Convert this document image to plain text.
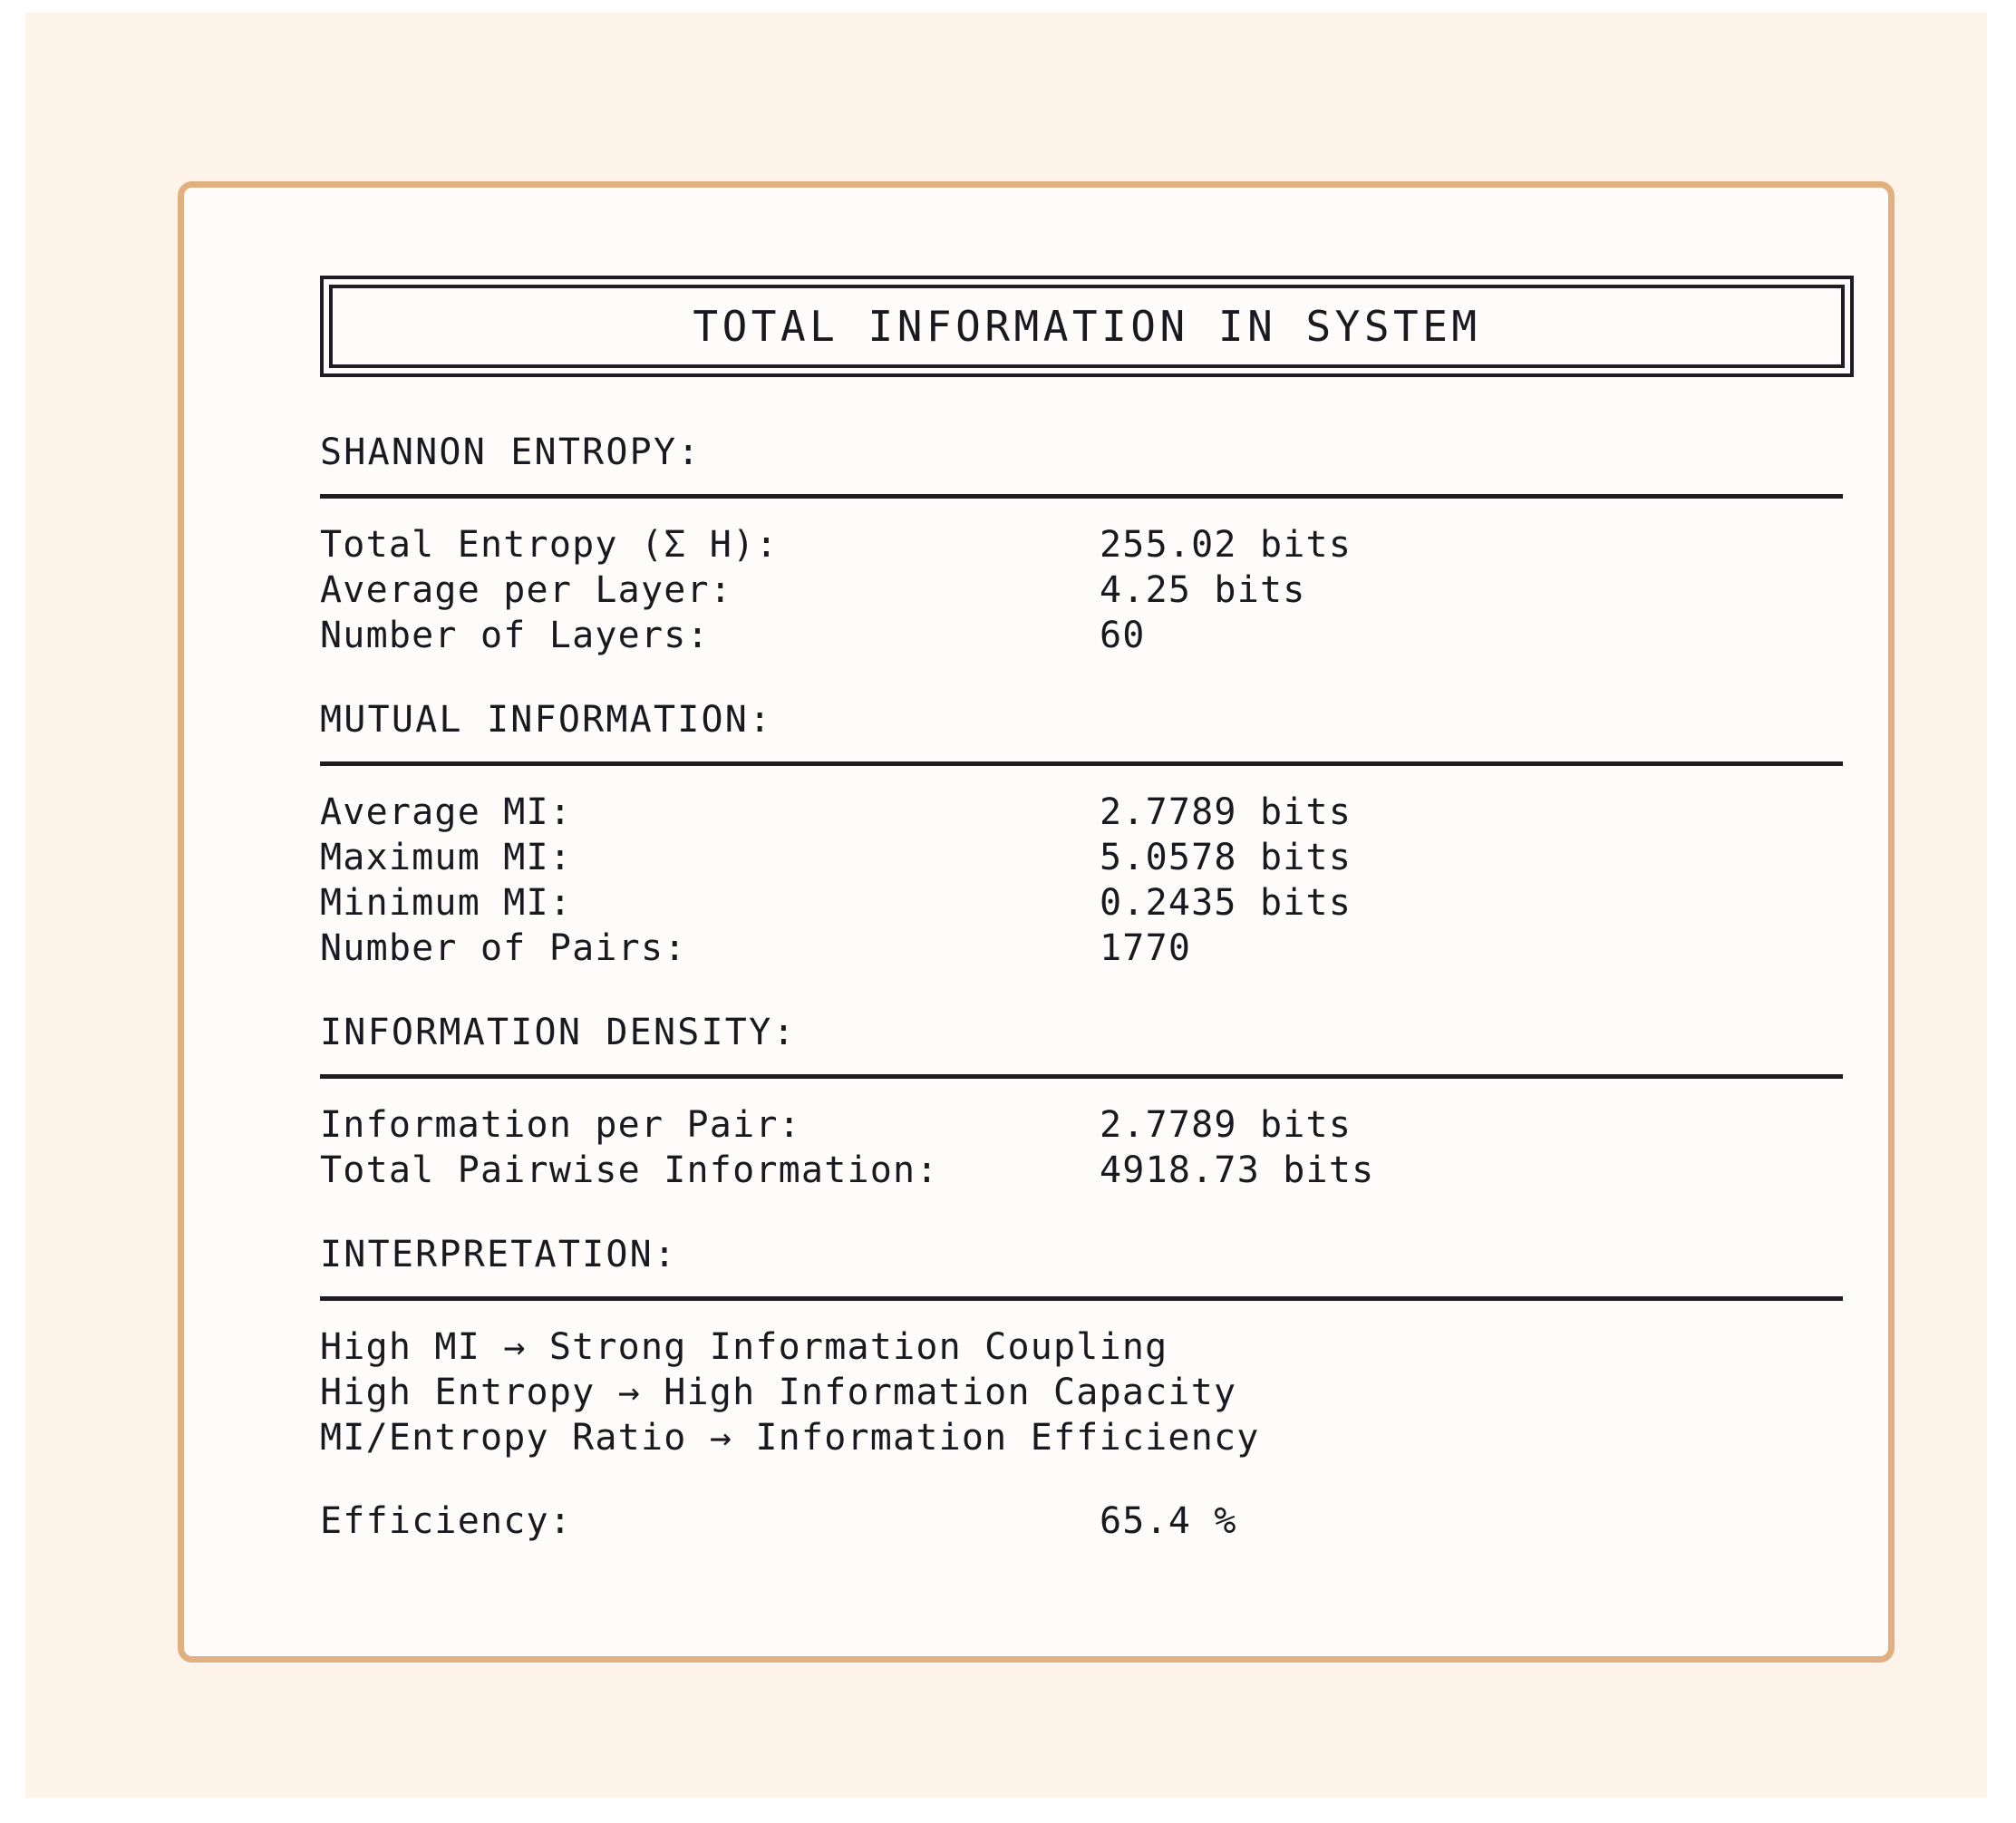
TOTAL INFORMATION IN SYSTEM
SHANNON ENTROPY:
Total Entropy (Σ H):	255.02 bits
Average per Layer:	4.25 bits
Number of Layers:	60
MUTUAL INFORMATION:
Average MI:	2.7789 bits
Maximum MI:	5.0578 bits
Minimum MI:	0.2435 bits
Number of Pairs:	1770
INFORMATION DENSITY:
Information per Pair:	2.7789 bits
Total Pairwise Information:	4918.73 bits
INTERPRETATION:
High MI → Strong Information Coupling
High Entropy → High Information Capacity
MI/Entropy Ratio → Information Efficiency
Efficiency:	65.4 %
